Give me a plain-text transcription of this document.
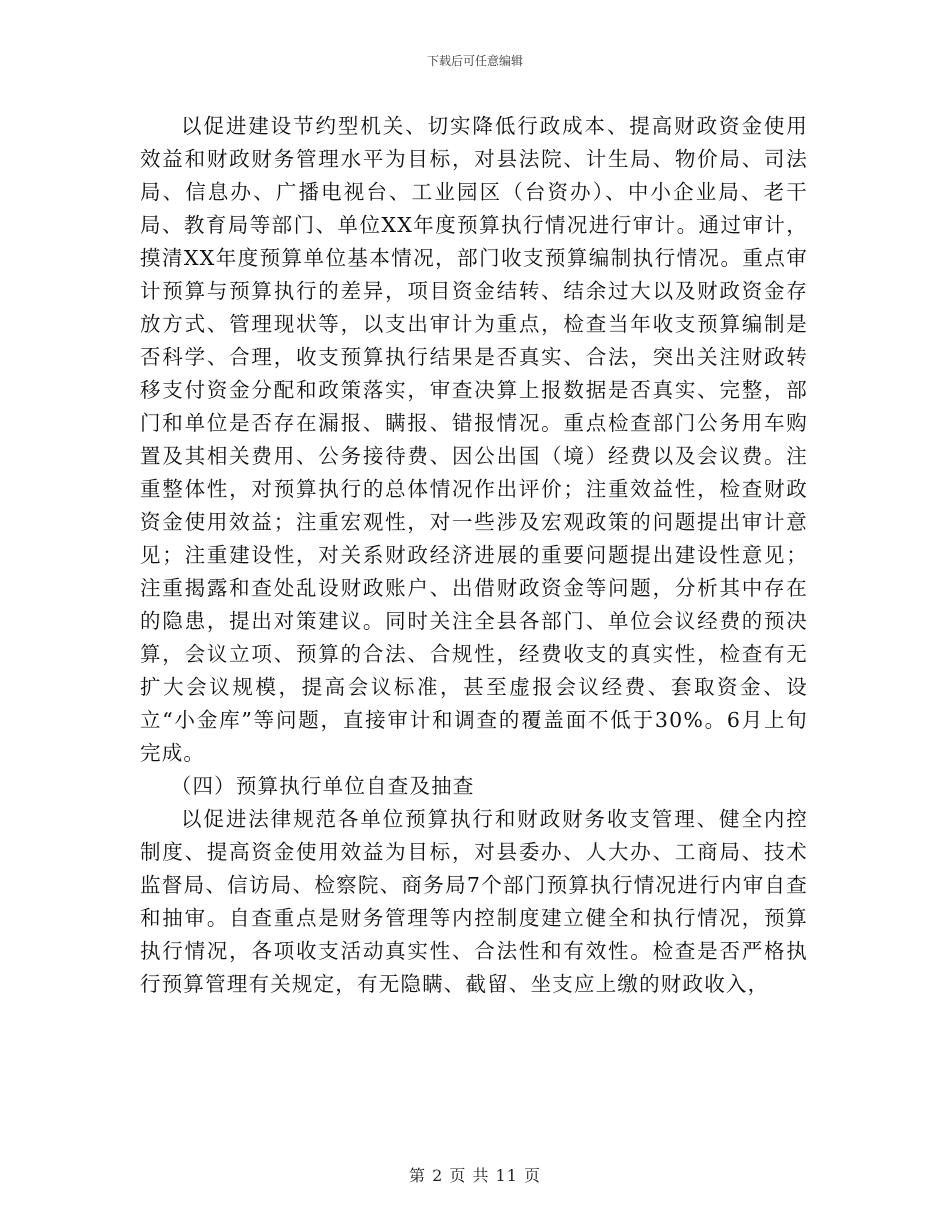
下载后可任意编辑

以促进建设节约型机关、切实降低行政成本、提高财政资金使用效益和财政财务管理水平为目标，对县法院、计生局、物价局、司法局、信息办、广播电视台、工业园区（台资办）、中小企业局、老干局、教育局等部门、单位XX年度预算执行情况进行审计。通过审计，摸清XX年度预算单位基本情况，部门收支预算编制执行情况。重点审计预算与预算执行的差异，项目资金结转、结余过大以及财政资金存放方式、管理现状等，以支出审计为重点，检查当年收支预算编制是否科学、合理，收支预算执行结果是否真实、合法，突出关注财政转移支付资金分配和政策落实，审查决算上报数据是否真实、完整，部门和单位是否存在漏报、瞒报、错报情况。重点检查部门公务用车购置及其相关费用、公务接待费、因公出国（境）经费以及会议费。注重整体性，对预算执行的总体情况作出评价；注重效益性，检查财政资金使用效益；注重宏观性，对一些涉及宏观政策的问题提出审计意见；注重建设性，对关系财政经济进展的重要问题提出建设性意见；注重揭露和查处乱设财政账户、出借财政资金等问题，分析其中存在的隐患，提出对策建议。同时关注全县各部门、单位会议经费的预决算，会议立项、预算的合法、合规性，经费收支的真实性，检查有无扩大会议规模，提高会议标准，甚至虚报会议经费、套取资金、设立“小金库”等问题，直接审计和调查的覆盖面不低于30%。6月上旬完成。

（四）预算执行单位自查及抽查

以促进法律规范各单位预算执行和财政财务收支管理、健全内控制度、提高资金使用效益为目标，对县委办、人大办、工商局、技术监督局、信访局、检察院、商务局7个部门预算执行情况进行内审自查和抽审。自查重点是财务管理等内控制度建立健全和执行情况，预算执行情况，各项收支活动真实性、合法性和有效性。检查是否严格执行预算管理有关规定，有无隐瞒、截留、坐支应上缴的财政收入，

第 2 页 共 11 页
